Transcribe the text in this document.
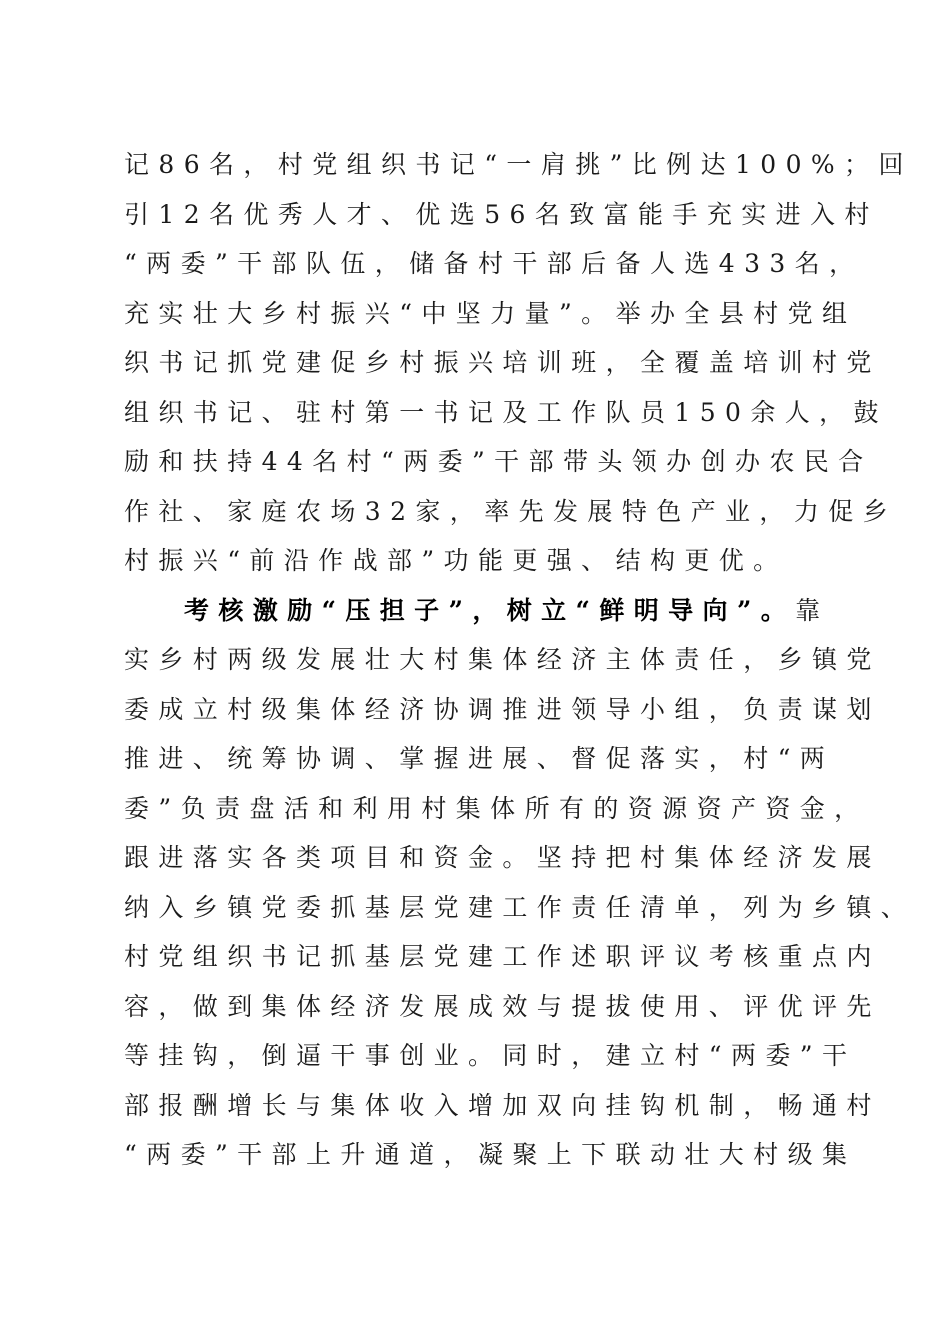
记86名，村党组织书记“一肩挑”比例达100%；回
引12名优秀人才、优选56名致富能手充实进入村
“两委”干部队伍，储备村干部后备人选433名，
充实壮大乡村振兴“中坚力量”。举办全县村党组
织书记抓党建促乡村振兴培训班，全覆盖培训村党
组织书记、驻村第一书记及工作队员150余人，鼓
励和扶持44名村“两委”干部带头领办创办农民合
作社、家庭农场32家，率先发展特色产业，力促乡
村振兴“前沿作战部”功能更强、结构更优。
考核激励“压担子”，树立“鲜明导向”。靠
实乡村两级发展壮大村集体经济主体责任，乡镇党
委成立村级集体经济协调推进领导小组，负责谋划
推进、统筹协调、掌握进展、督促落实，村“两
委”负责盘活和利用村集体所有的资源资产资金，
跟进落实各类项目和资金。坚持把村集体经济发展
纳入乡镇党委抓基层党建工作责任清单，列为乡镇、
村党组织书记抓基层党建工作述职评议考核重点内
容，做到集体经济发展成效与提拔使用、评优评先
等挂钩，倒逼干事创业。同时，建立村“两委”干
部报酬增长与集体收入增加双向挂钩机制，畅通村
“两委”干部上升通道，凝聚上下联动壮大村级集
